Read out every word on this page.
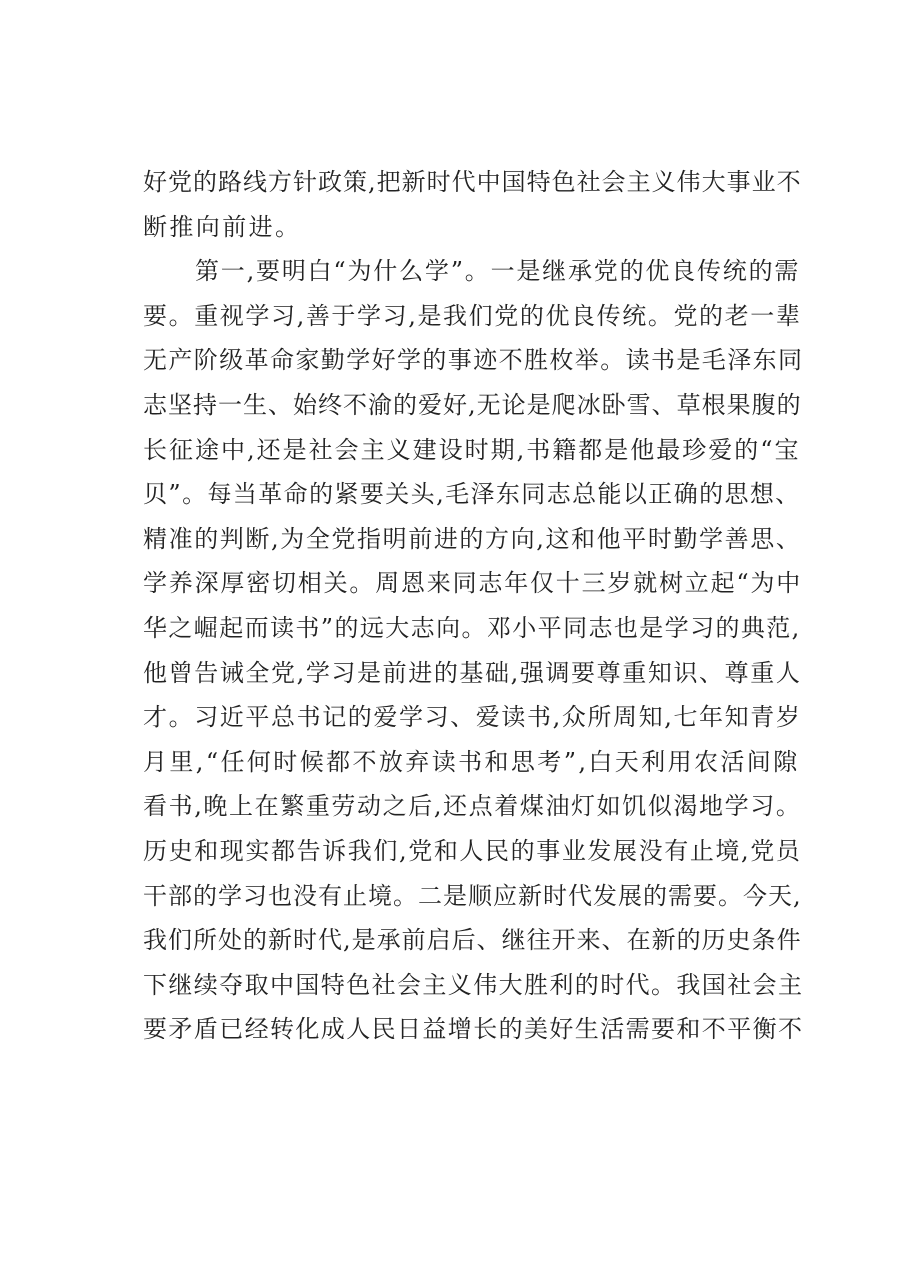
好党的路线方针政策,把新时代中国特色社会主义伟大事业不
断推向前进。
第一,要明白“为什么学”。一是继承党的优良传统的需
要。重视学习,善于学习,是我们党的优良传统。党的老一辈
无产阶级革命家勤学好学的事迹不胜枚举。读书是毛泽东同
志坚持一生、始终不渝的爱好,无论是爬冰卧雪、草根果腹的
长征途中,还是社会主义建设时期,书籍都是他最珍爱的“宝
贝”。每当革命的紧要关头,毛泽东同志总能以正确的思想、
精准的判断,为全党指明前进的方向,这和他平时勤学善思、
学养深厚密切相关。周恩来同志年仅十三岁就树立起“为中
华之崛起而读书”的远大志向。邓小平同志也是学习的典范,
他曾告诫全党,学习是前进的基础,强调要尊重知识、尊重人
才。习近平总书记的爱学习、爱读书,众所周知,七年知青岁
月里,“任何时候都不放弃读书和思考”,白天利用农活间隙
看书,晚上在繁重劳动之后,还点着煤油灯如饥似渴地学习。
历史和现实都告诉我们,党和人民的事业发展没有止境,党员
干部的学习也没有止境。二是顺应新时代发展的需要。今天,
我们所处的新时代,是承前启后、继往开来、在新的历史条件
下继续夺取中国特色社会主义伟大胜利的时代。我国社会主
要矛盾已经转化成人民日益增长的美好生活需要和不平衡不
